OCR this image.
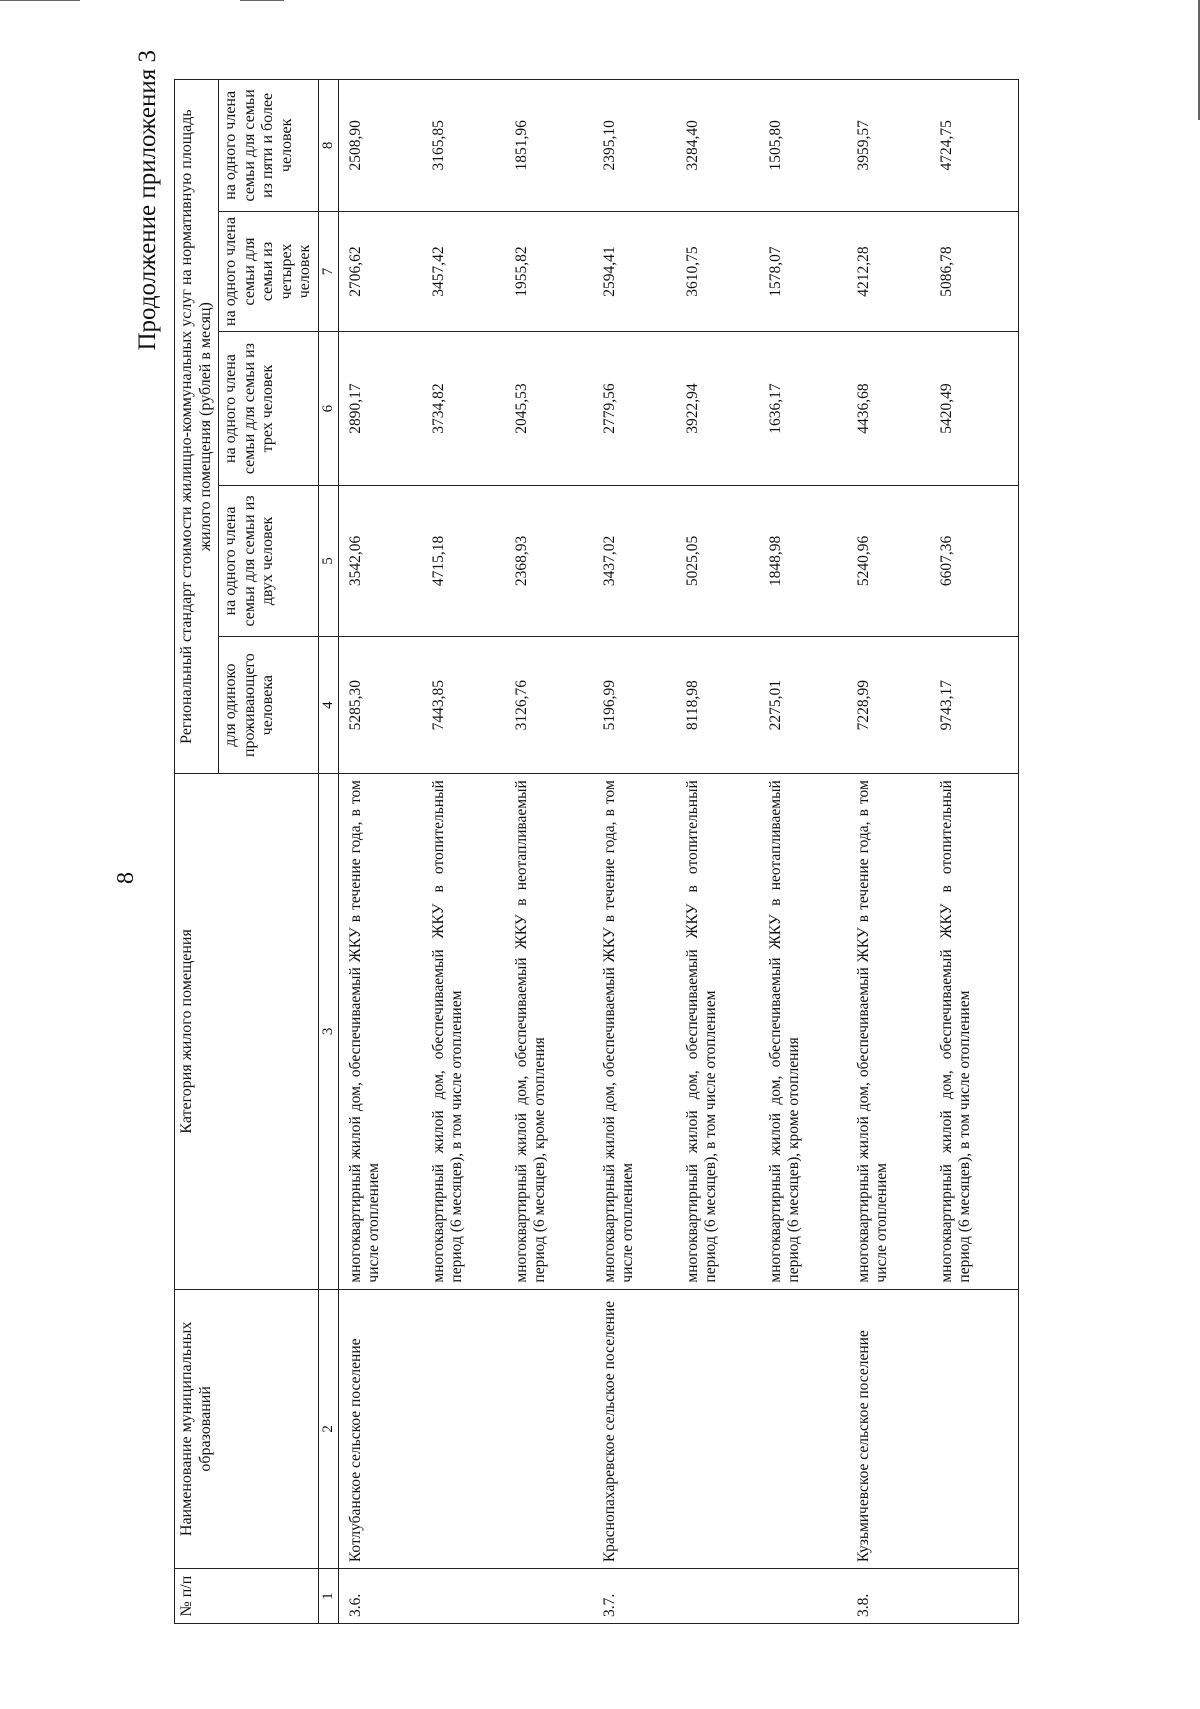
8
Продолжение приложения 3
№ п/п	Наименование муниципальных образований	Категория жилого помещения	Региональный стандарт стоимости жилищно-коммунальных услуг на нормативную площадь жилого помещения (рублей в месяц)				
			для одиноко проживающего человека	на одного члена семьи для семьи из двух человек	на одного члена семьи для семьи из трех человек	на одного члена семьи для семьи из четырех человек	на одного члена семьи для семьи из пяти и более человек
1	2	3	4	5	6	7	8
3.6.	Котлубанское сельское поселение	многоквартирный жилой дом, обеспечиваемый ЖКУ в течение года, в том числе отоплением	5285,30	3542,06	2890,17	2706,62	2508,90
		многоквартирный жилой дом, обеспечиваемый ЖКУ в отопительный период (6 месяцев), в том числе отоплением	7443,85	4715,18	3734,82	3457,42	3165,85
		многоквартирный жилой дом, обеспечиваемый ЖКУ в неотапливаемый период (6 месяцев), кроме отопления	3126,76	2368,93	2045,53	1955,82	1851,96
3.7.	Краснопахаревское сельское поселение	многоквартирный жилой дом, обеспечиваемый ЖКУ в течение года, в том числе отоплением	5196,99	3437,02	2779,56	2594,41	2395,10
		многоквартирный жилой дом, обеспечиваемый ЖКУ в отопительный период (6 месяцев), в том числе отоплением	8118,98	5025,05	3922,94	3610,75	3284,40
		многоквартирный жилой дом, обеспечиваемый ЖКУ в неотапливаемый период (6 месяцев), кроме отопления	2275,01	1848,98	1636,17	1578,07	1505,80
3.8.	Кузьмичевское сельское поселение	многоквартирный жилой дом, обеспечиваемый ЖКУ в течение года, в том числе отоплением	7228,99	5240,96	4436,68	4212,28	3959,57
		многоквартирный жилой дом, обеспечиваемый ЖКУ в отопительный период (6 месяцев), в том числе отоплением	9743,17	6607,36	5420,49	5086,78	4724,75
